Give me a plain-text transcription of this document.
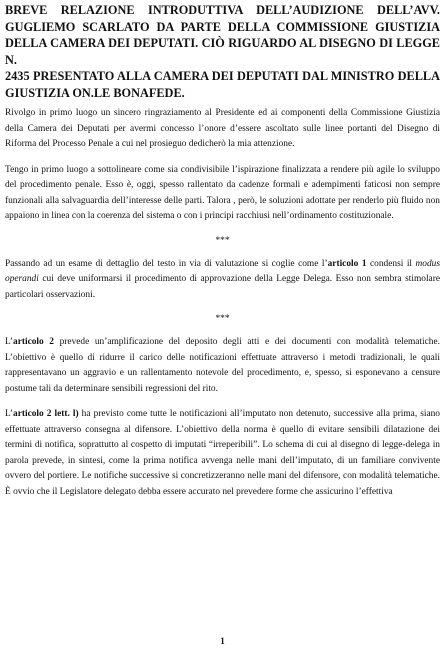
BREVE RELAZIONE INTRODUTTIVA DELL’AUDIZIONE DELL’AVV.
GUGLIEMO SCARLATO DA PARTE DELLA COMMISSIONE GIUSTIZIA
DELLA CAMERA DEI DEPUTATI. CIÒ RIGUARDO AL DISEGNO DI LEGGE N.
2435 PRESENTATO ALLA CAMERA DEI DEPUTATI DAL MINISTRO DELLA
GIUSTIZIA ON.LE BONAFEDE.

Rivolgo in primo luogo un sincero ringraziamento al Presidente ed ai componenti della Commissione Giustizia della Camera dei Deputati per avermi concesso l’onore d’essere ascoltato sulle linee portanti del Disegno di Riforma del Processo Penale a cui nel prosieguo dedicherò la mia attenzione.

Tengo in primo luogo a sottolineare come sia condivisibile l’ispirazione finalizzata a rendere più agile lo sviluppo del procedimento penale. Esso è, oggi, spesso rallentato da cadenze formali e adempimenti faticosi non sempre funzionali alla salvaguardia dell’interesse delle parti. Talora , però, le soluzioni adottate per renderlo più fluido non appaiono in linea con la coerenza del sistema o con i principi racchiusi nell’ordinamento costituzionale.

***

Passando ad un esame di dettaglio del testo in via di valutazione si coglie come l’articolo 1 condensi il modus operandi cui deve uniformarsi il procedimento di approvazione della Legge Delega. Esso non sembra stimolare particolari osservazioni.

***

L’articolo 2 prevede un’amplificazione del deposito degli atti e dei documenti con modalità telematiche. L’obiettivo è quello di ridurre il carico delle notificazioni effettuate attraverso i metodi tradizionali, le quali rappresentavano un aggravio e un rallentamento notevole del procedimento, e, spesso, si esponevano a censure postume tali da determinare sensibili regressioni del rito.

L’articolo 2 lett. l) ha previsto come tutte le notificazioni all’imputato non detenuto, successive alla prima, siano effettuate attraverso consegna al difensore. L’obiettivo della norma è quello di evitare sensibili dilatazione dei termini di notifica, soprattutto al cospetto di imputati “irreperibili”. Lo schema di cui al disegno di legge-delega in parola prevede, in sintesi, come la prima notifica avvenga nelle mani dell’imputato, di un familiare convivente ovvero del portiere. Le notifiche successive si concretizzeranno nelle mani del difensore, con modalità telematiche. È ovvio che il Legislatore delegato debba essere accurato nel prevedere forme che assicurino l’effettiva

1
